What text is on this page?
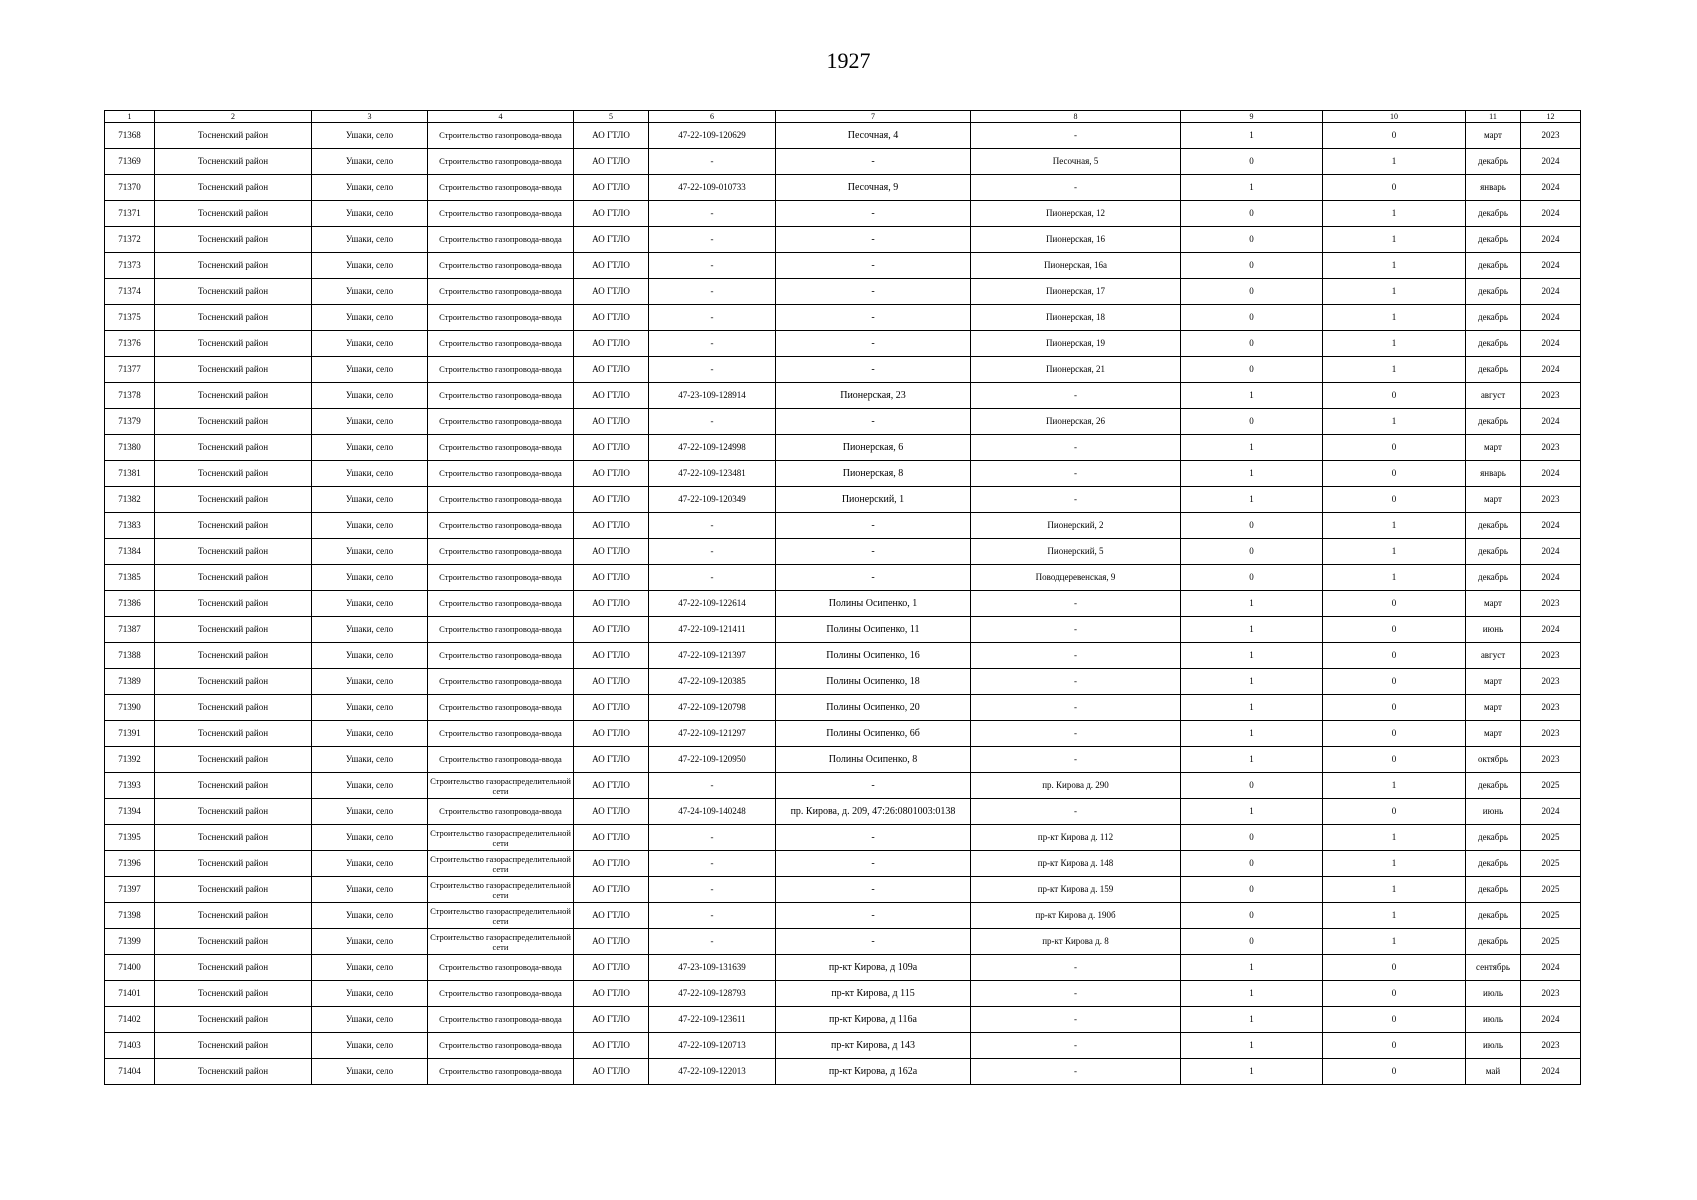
1927
1	2	3	4	5	6	7	8	9	10	11	12
71368	Тосненский район	Ушаки, село	Строительство газопровода-ввода	АО ГТЛО	47-22-109-120629	Песочная, 4	-	1	0	март	2023
71369	Тосненский район	Ушаки, село	Строительство газопровода-ввода	АО ГТЛО	-	-	Песочная, 5	0	1	декабрь	2024
71370	Тосненский район	Ушаки, село	Строительство газопровода-ввода	АО ГТЛО	47-22-109-010733	Песочная, 9	-	1	0	январь	2024
71371	Тосненский район	Ушаки, село	Строительство газопровода-ввода	АО ГТЛО	-	-	Пионерская, 12	0	1	декабрь	2024
71372	Тосненский район	Ушаки, село	Строительство газопровода-ввода	АО ГТЛО	-	-	Пионерская, 16	0	1	декабрь	2024
71373	Тосненский район	Ушаки, село	Строительство газопровода-ввода	АО ГТЛО	-	-	Пионерская, 16а	0	1	декабрь	2024
71374	Тосненский район	Ушаки, село	Строительство газопровода-ввода	АО ГТЛО	-	-	Пионерская, 17	0	1	декабрь	2024
71375	Тосненский район	Ушаки, село	Строительство газопровода-ввода	АО ГТЛО	-	-	Пионерская, 18	0	1	декабрь	2024
71376	Тосненский район	Ушаки, село	Строительство газопровода-ввода	АО ГТЛО	-	-	Пионерская, 19	0	1	декабрь	2024
71377	Тосненский район	Ушаки, село	Строительство газопровода-ввода	АО ГТЛО	-	-	Пионерская, 21	0	1	декабрь	2024
71378	Тосненский район	Ушаки, село	Строительство газопровода-ввода	АО ГТЛО	47-23-109-128914	Пионерская, 23	-	1	0	август	2023
71379	Тосненский район	Ушаки, село	Строительство газопровода-ввода	АО ГТЛО	-	-	Пионерская, 26	0	1	декабрь	2024
71380	Тосненский район	Ушаки, село	Строительство газопровода-ввода	АО ГТЛО	47-22-109-124998	Пионерская, 6	-	1	0	март	2023
71381	Тосненский район	Ушаки, село	Строительство газопровода-ввода	АО ГТЛО	47-22-109-123481	Пионерская, 8	-	1	0	январь	2024
71382	Тосненский район	Ушаки, село	Строительство газопровода-ввода	АО ГТЛО	47-22-109-120349	Пионерский, 1	-	1	0	март	2023
71383	Тосненский район	Ушаки, село	Строительство газопровода-ввода	АО ГТЛО	-	-	Пионерский, 2	0	1	декабрь	2024
71384	Тосненский район	Ушаки, село	Строительство газопровода-ввода	АО ГТЛО	-	-	Пионерский, 5	0	1	декабрь	2024
71385	Тосненский район	Ушаки, село	Строительство газопровода-ввода	АО ГТЛО	-	-	Поводцеревенская, 9	0	1	декабрь	2024
71386	Тосненский район	Ушаки, село	Строительство газопровода-ввода	АО ГТЛО	47-22-109-122614	Полины Осипенко, 1	-	1	0	март	2023
71387	Тосненский район	Ушаки, село	Строительство газопровода-ввода	АО ГТЛО	47-22-109-121411	Полины Осипенко, 11	-	1	0	июнь	2024
71388	Тосненский район	Ушаки, село	Строительство газопровода-ввода	АО ГТЛО	47-22-109-121397	Полины Осипенко, 16	-	1	0	август	2023
71389	Тосненский район	Ушаки, село	Строительство газопровода-ввода	АО ГТЛО	47-22-109-120385	Полины Осипенко, 18	-	1	0	март	2023
71390	Тосненский район	Ушаки, село	Строительство газопровода-ввода	АО ГТЛО	47-22-109-120798	Полины Осипенко, 20	-	1	0	март	2023
71391	Тосненский район	Ушаки, село	Строительство газопровода-ввода	АО ГТЛО	47-22-109-121297	Полины Осипенко, 6б	-	1	0	март	2023
71392	Тосненский район	Ушаки, село	Строительство газопровода-ввода	АО ГТЛО	47-22-109-120950	Полины Осипенко, 8	-	1	0	октябрь	2023
71393	Тосненский район	Ушаки, село	Строительство газораспределительной сети	АО ГТЛО	-	-	пр. Кирова д. 290	0	1	декабрь	2025
71394	Тосненский район	Ушаки, село	Строительство газопровода-ввода	АО ГТЛО	47-24-109-140248	пр. Кирова, д. 209, 47:26:0801003:0138	-	1	0	июнь	2024
71395	Тосненский район	Ушаки, село	Строительство газораспределительной сети	АО ГТЛО	-	-	пр-кт Кирова д. 112	0	1	декабрь	2025
71396	Тосненский район	Ушаки, село	Строительство газораспределительной сети	АО ГТЛО	-	-	пр-кт Кирова д. 148	0	1	декабрь	2025
71397	Тосненский район	Ушаки, село	Строительство газораспределительной сети	АО ГТЛО	-	-	пр-кт Кирова д. 159	0	1	декабрь	2025
71398	Тосненский район	Ушаки, село	Строительство газораспределительной сети	АО ГТЛО	-	-	пр-кт Кирова д. 190б	0	1	декабрь	2025
71399	Тосненский район	Ушаки, село	Строительство газораспределительной сети	АО ГТЛО	-	-	пр-кт Кирова д. 8	0	1	декабрь	2025
71400	Тосненский район	Ушаки, село	Строительство газопровода-ввода	АО ГТЛО	47-23-109-131639	пр-кт Кирова, д 109а	-	1	0	сентябрь	2024
71401	Тосненский район	Ушаки, село	Строительство газопровода-ввода	АО ГТЛО	47-22-109-128793	пр-кт Кирова, д 115	-	1	0	июль	2023
71402	Тосненский район	Ушаки, село	Строительство газопровода-ввода	АО ГТЛО	47-22-109-123611	пр-кт Кирова, д 116а	-	1	0	июль	2024
71403	Тосненский район	Ушаки, село	Строительство газопровода-ввода	АО ГТЛО	47-22-109-120713	пр-кт Кирова, д 143	-	1	0	июль	2023
71404	Тосненский район	Ушаки, село	Строительство газопровода-ввода	АО ГТЛО	47-22-109-122013	пр-кт Кирова, д 162а	-	1	0	май	2024
